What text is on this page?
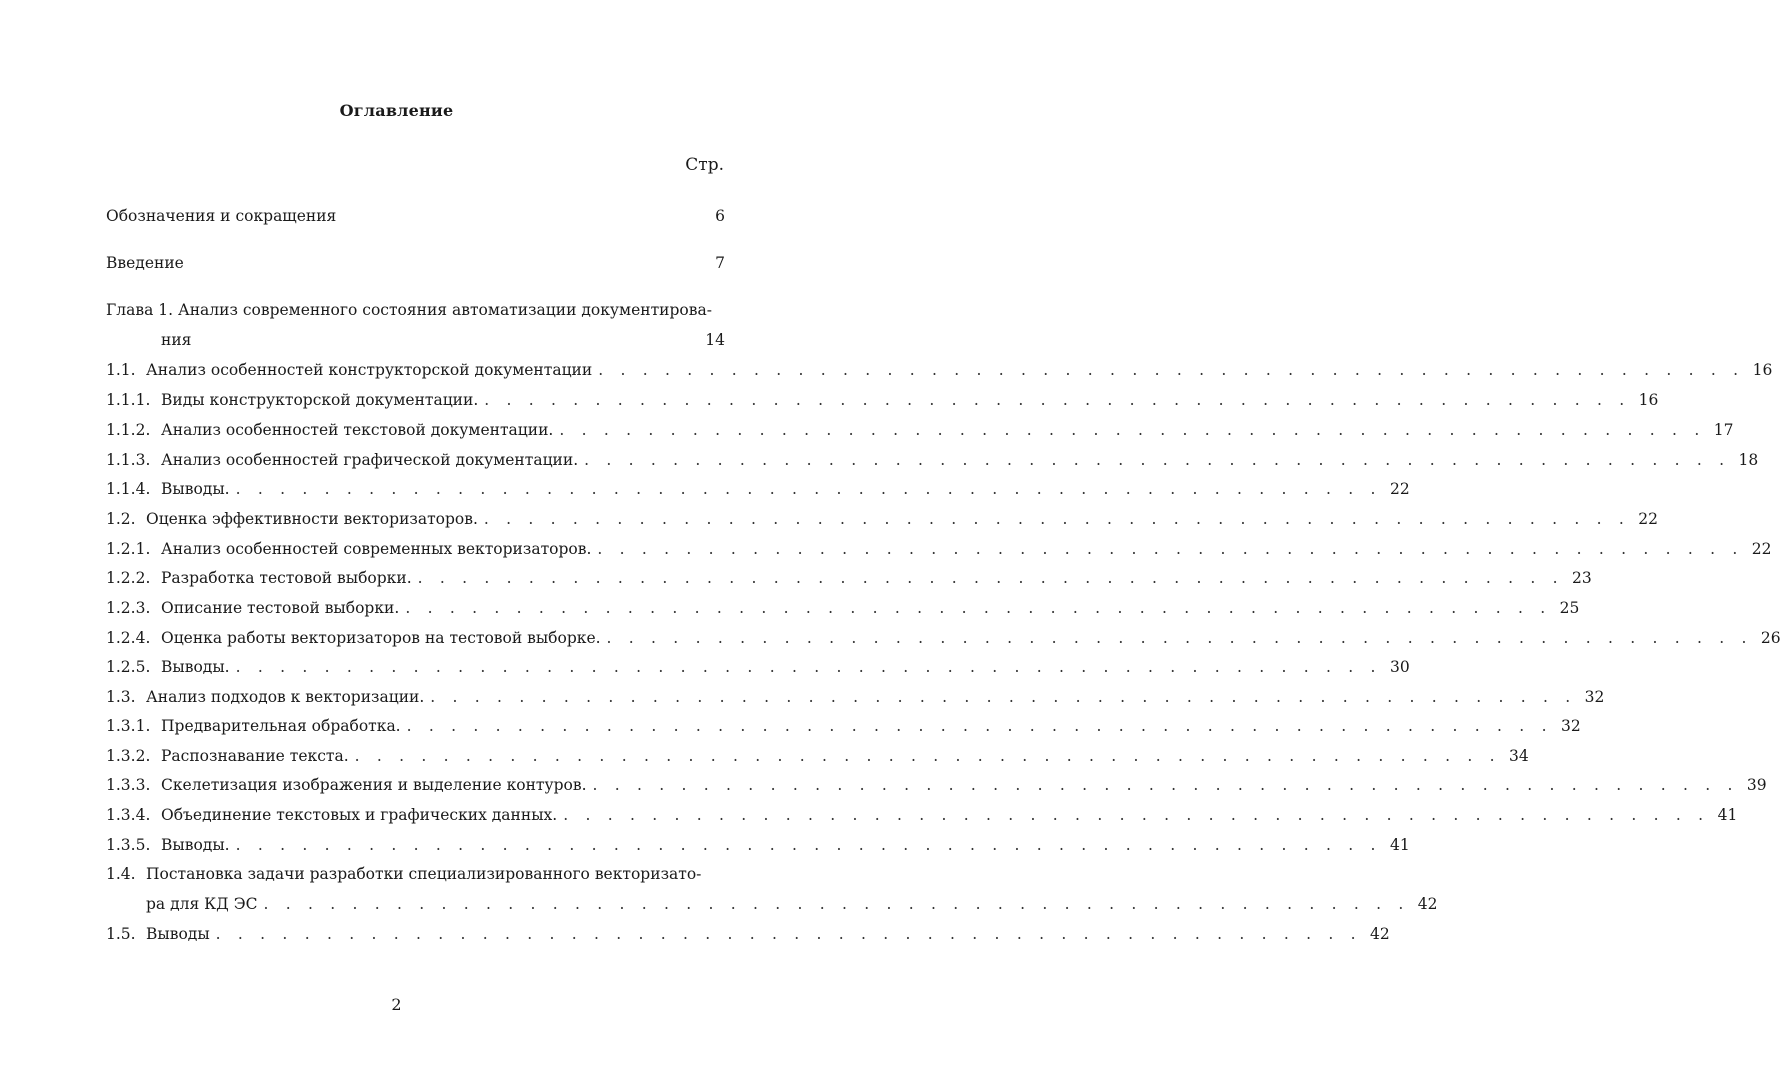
Оглавление
Стр.
Обозначения и сокращения	6
Введение	7
Глава 1. Анализ современного состояния автоматизации документирова-
ния	14
1.1. Анализ особенностей конструкторской документации . . . . . . . . . . . . . . . . . . . . . . . . . . . . . . . . . . . . . . . . . . . . . . . . . . . . 16
1.1.1. Виды конструкторской документации. . . . . . . . . . . . . . . . . . . . . . . . . . . . . . . . . . . . . . . . . . . . . . . . . . . . . 16
1.1.2. Анализ особенностей текстовой документации. . . . . . . . . . . . . . . . . . . . . . . . . . . . . . . . . . . . . . . . . . . . . . . . . . . . . 17
1.1.3. Анализ особенностей графической документации. . . . . . . . . . . . . . . . . . . . . . . . . . . . . . . . . . . . . . . . . . . . . . . . . . . . . 18
1.1.4. Выводы. . . . . . . . . . . . . . . . . . . . . . . . . . . . . . . . . . . . . . . . . . . . . . . . . . . . . 22
1.2. Оценка эффективности векторизаторов. . . . . . . . . . . . . . . . . . . . . . . . . . . . . . . . . . . . . . . . . . . . . . . . . . . . . 22
1.2.1. Анализ особенностей современных векторизаторов. . . . . . . . . . . . . . . . . . . . . . . . . . . . . . . . . . . . . . . . . . . . . . . . . . . . . 22
1.2.2. Разработка тестовой выборки. . . . . . . . . . . . . . . . . . . . . . . . . . . . . . . . . . . . . . . . . . . . . . . . . . . . . 23
1.2.3. Описание тестовой выборки. . . . . . . . . . . . . . . . . . . . . . . . . . . . . . . . . . . . . . . . . . . . . . . . . . . . . 25
1.2.4. Оценка работы векторизаторов на тестовой выборке. . . . . . . . . . . . . . . . . . . . . . . . . . . . . . . . . . . . . . . . . . . . . . . . . . . . . 26
1.2.5. Выводы. . . . . . . . . . . . . . . . . . . . . . . . . . . . . . . . . . . . . . . . . . . . . . . . . . . . . 30
1.3. Анализ подходов к векторизации. . . . . . . . . . . . . . . . . . . . . . . . . . . . . . . . . . . . . . . . . . . . . . . . . . . . . 32
1.3.1. Предварительная обработка. . . . . . . . . . . . . . . . . . . . . . . . . . . . . . . . . . . . . . . . . . . . . . . . . . . . . 32
1.3.2. Распознавание текста. . . . . . . . . . . . . . . . . . . . . . . . . . . . . . . . . . . . . . . . . . . . . . . . . . . . . 34
1.3.3. Скелетизация изображения и выделение контуров. . . . . . . . . . . . . . . . . . . . . . . . . . . . . . . . . . . . . . . . . . . . . . . . . . . . . 39
1.3.4. Объединение текстовых и графических данных. . . . . . . . . . . . . . . . . . . . . . . . . . . . . . . . . . . . . . . . . . . . . . . . . . . . . 41
1.3.5. Выводы. . . . . . . . . . . . . . . . . . . . . . . . . . . . . . . . . . . . . . . . . . . . . . . . . . . . . 41
1.4. Постановка задачи разработки специализированного векторизато-
ра для КД ЭС . . . . . . . . . . . . . . . . . . . . . . . . . . . . . . . . . . . . . . . . . . . . . . . . . . . . 42
1.5. Выводы . . . . . . . . . . . . . . . . . . . . . . . . . . . . . . . . . . . . . . . . . . . . . . . . . . . . 42
2
